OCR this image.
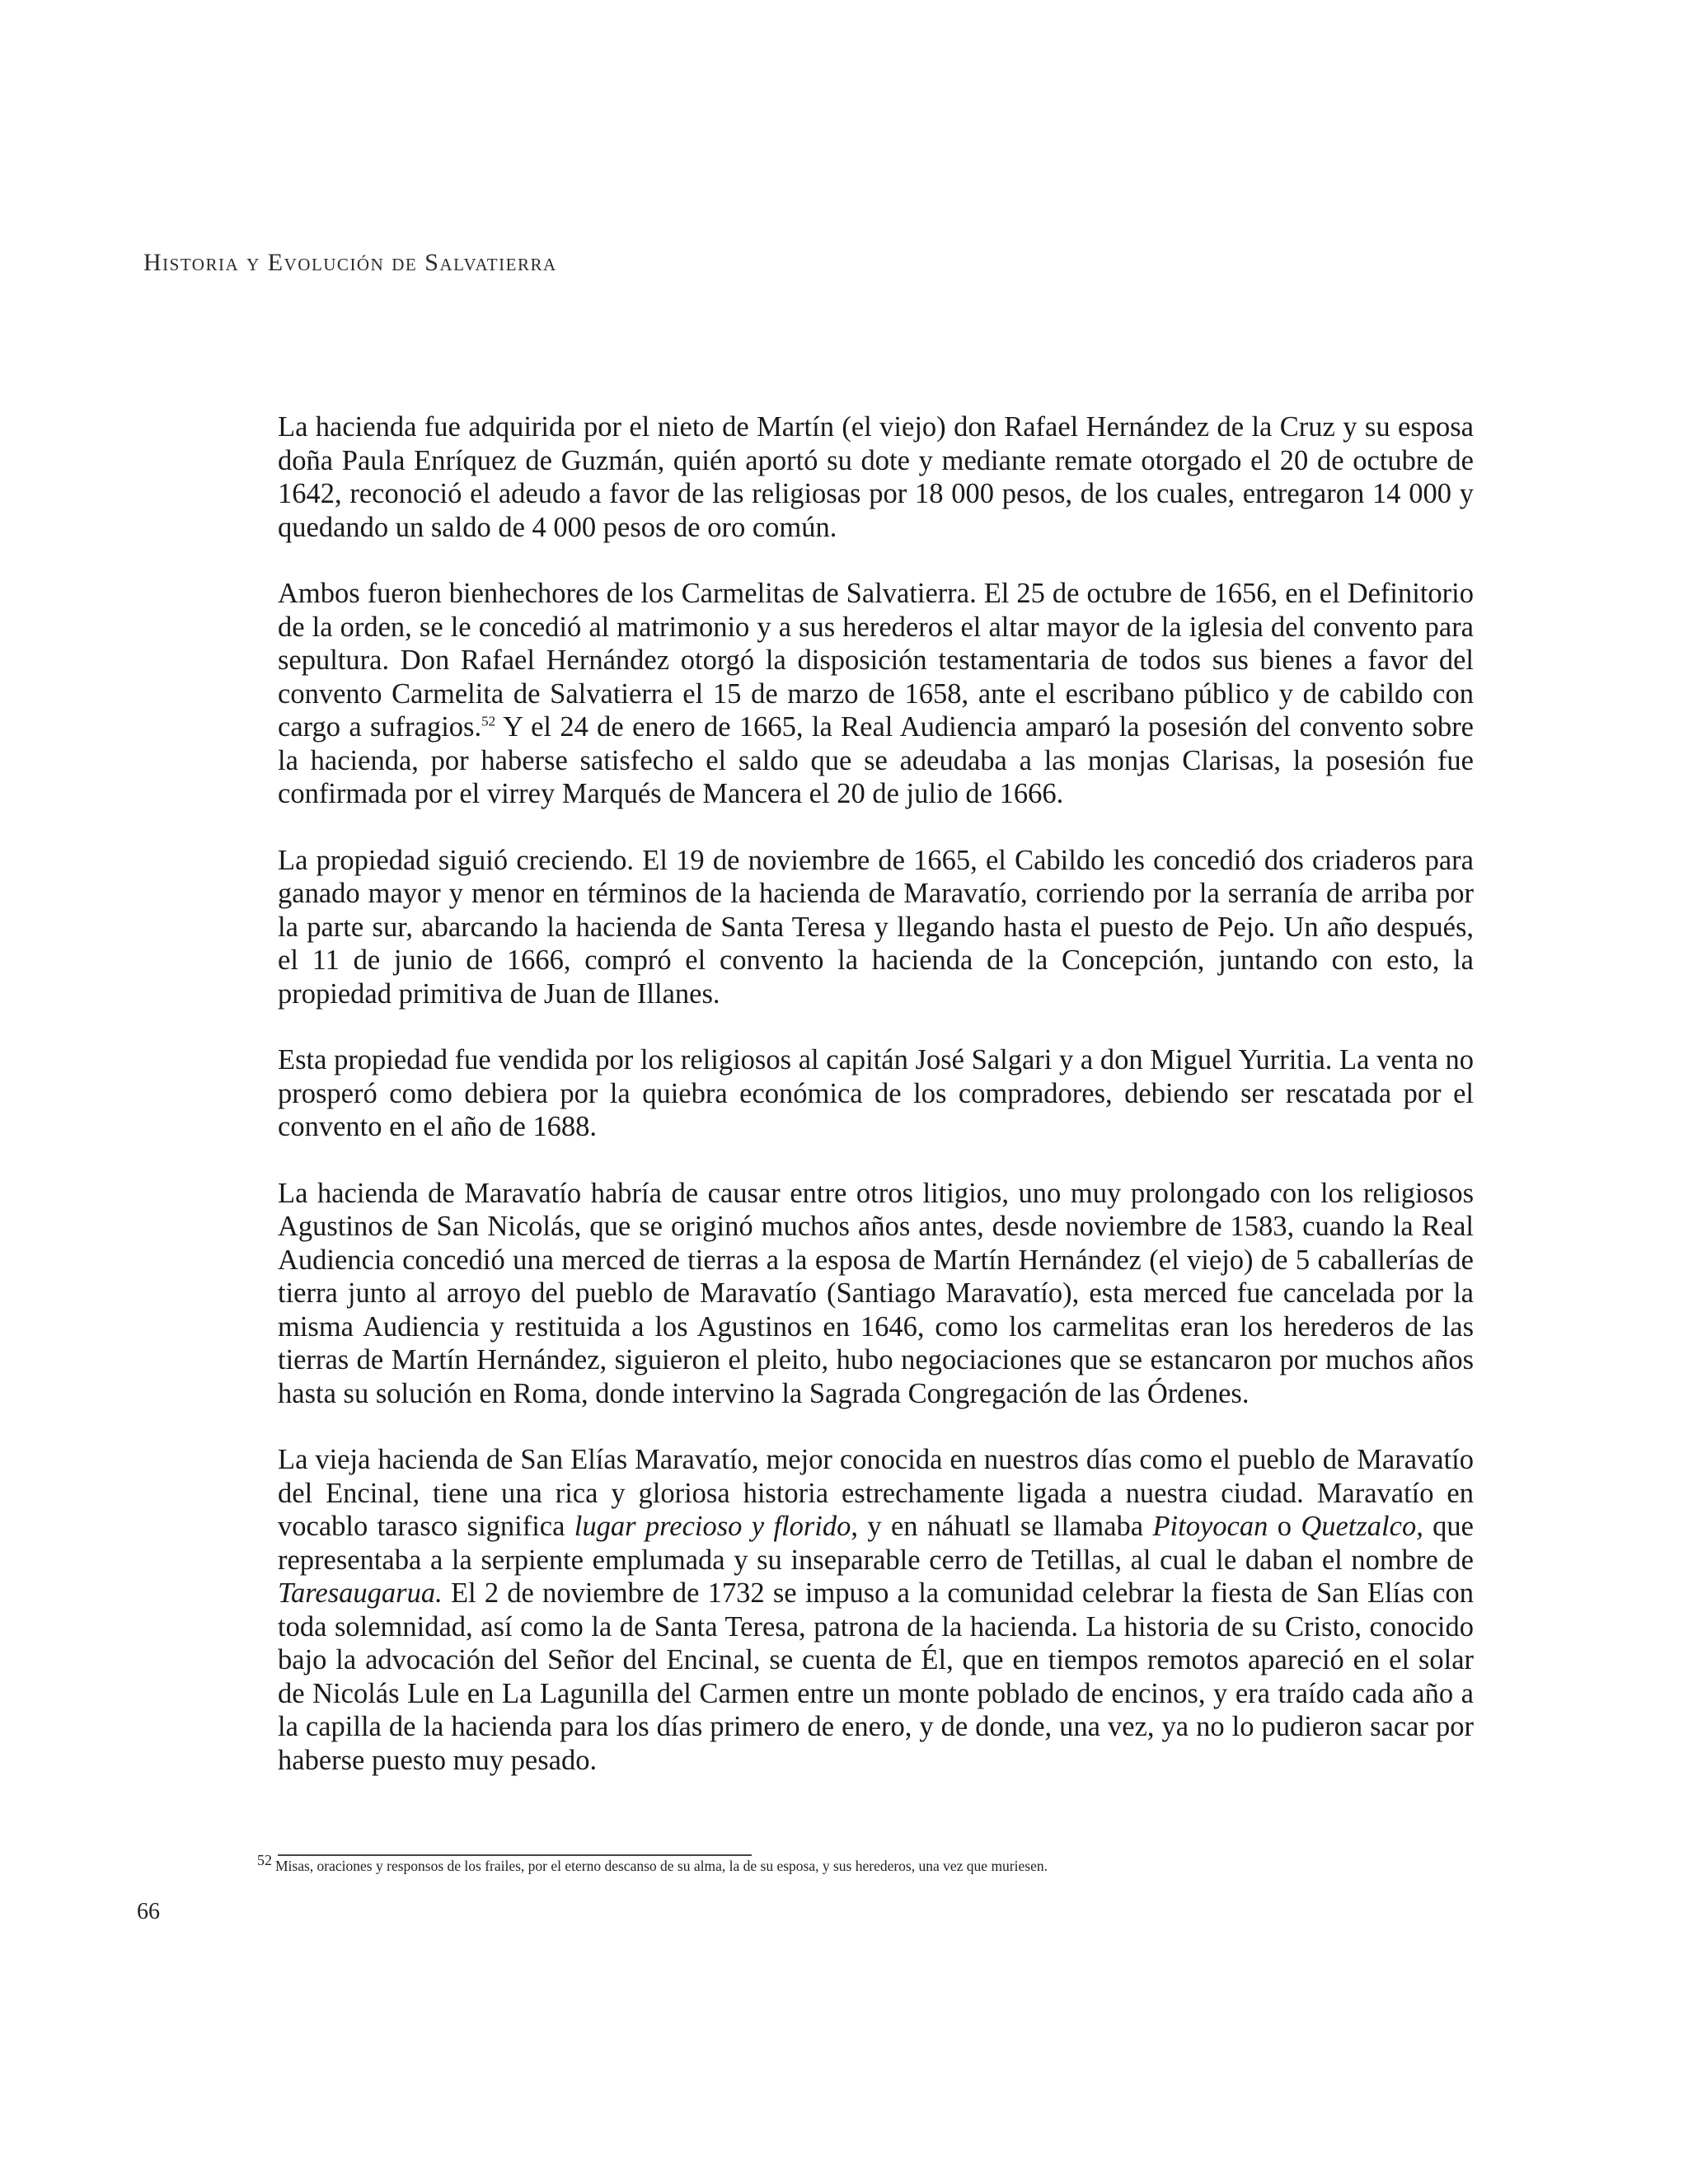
Historia y Evolución de Salvatierra

La hacienda fue adquirida por el nieto de Martín (el viejo) don Rafael Hernández de la Cruz y su esposa doña Paula Enríquez de Guzmán, quién aportó su dote y mediante remate otorgado el 20 de octubre de 1642, reconoció el adeudo a favor de las religiosas por 18 000 pesos, de los cuales, entregaron 14 000 y quedando un saldo de 4 000 pesos de oro común.

Ambos fueron bienhechores de los Carmelitas de Salvatierra. El 25 de octubre de 1656, en el Definitorio de la orden, se le concedió al matrimonio y a sus herederos el altar mayor de la iglesia del convento para sepultura. Don Rafael Hernández otorgó la disposición testamentaria de todos sus bienes a favor del convento Carmelita de Salvatierra el 15 de marzo de 1658, ante el escribano público y de cabildo con cargo a sufragios.$^{52}$ Y el 24 de enero de 1665, la Real Audiencia amparó la posesión del convento sobre la hacienda, por haberse satisfecho el saldo que se adeudaba a las monjas Clarisas, la posesión fue confirmada por el virrey Marqués de Mancera el 20 de julio de 1666.

La propiedad siguió creciendo. El 19 de noviembre de 1665, el Cabildo les concedió dos criaderos para ganado mayor y menor en términos de la hacienda de Maravatío, corriendo por la serranía de arriba por la parte sur, abarcando la hacienda de Santa Teresa y llegando hasta el puesto de Pejo. Un año después, el 11 de junio de 1666, compró el convento la hacienda de la Concepción, juntando con esto, la propiedad primitiva de Juan de Illanes.

Esta propiedad fue vendida por los religiosos al capitán José Salgari y a don Miguel Yurritia. La venta no prosperó como debiera por la quiebra económica de los compradores, debiendo ser rescatada por el convento en el año de 1688.

La hacienda de Maravatío habría de causar entre otros litigios, uno muy prolongado con los religiosos Agustinos de San Nicolás, que se originó muchos años antes, desde noviembre de 1583, cuando la Real Audiencia concedió una merced de tierras a la esposa de Martín Hernández (el viejo) de 5 caballerías de tierra junto al arroyo del pueblo de Maravatío (Santiago Maravatío), esta merced fue cancelada por la misma Audiencia y restituida a los Agustinos en 1646, como los carmelitas eran los herederos de las tierras de Martín Hernández, siguieron el pleito, hubo negociaciones que se estancaron por muchos años hasta su solución en Roma, donde intervino la Sagrada Congregación de las Órdenes.

La vieja hacienda de San Elías Maravatío, mejor conocida en nuestros días como el pueblo de Maravatío del Encinal, tiene una rica y gloriosa historia estrechamente ligada a nuestra ciudad. Maravatío en vocablo tarasco significa lugar precioso y florido, y en náhuatl se llamaba Pitoyocan o Quetzalco, que representaba a la serpiente emplumada y su inseparable cerro de Tetillas, al cual le daban el nombre de Taresaugarua. El 2 de noviembre de 1732 se impuso a la comunidad celebrar la fiesta de San Elías con toda solemnidad, así como la de Santa Teresa, patrona de la hacienda. La historia de su Cristo, conocido bajo la advocación del Señor del Encinal, se cuenta de Él, que en tiempos remotos apareció en el solar de Nicolás Lule en La Lagunilla del Carmen entre un monte poblado de encinos, y era traído cada año a la capilla de la hacienda para los días primero de enero, y de donde, una vez, ya no lo pudieron sacar por haberse puesto muy pesado.

52 Misas, oraciones y responsos de los frailes, por el eterno descanso de su alma, la de su esposa, y sus herederos, una vez que muriesen.
66
